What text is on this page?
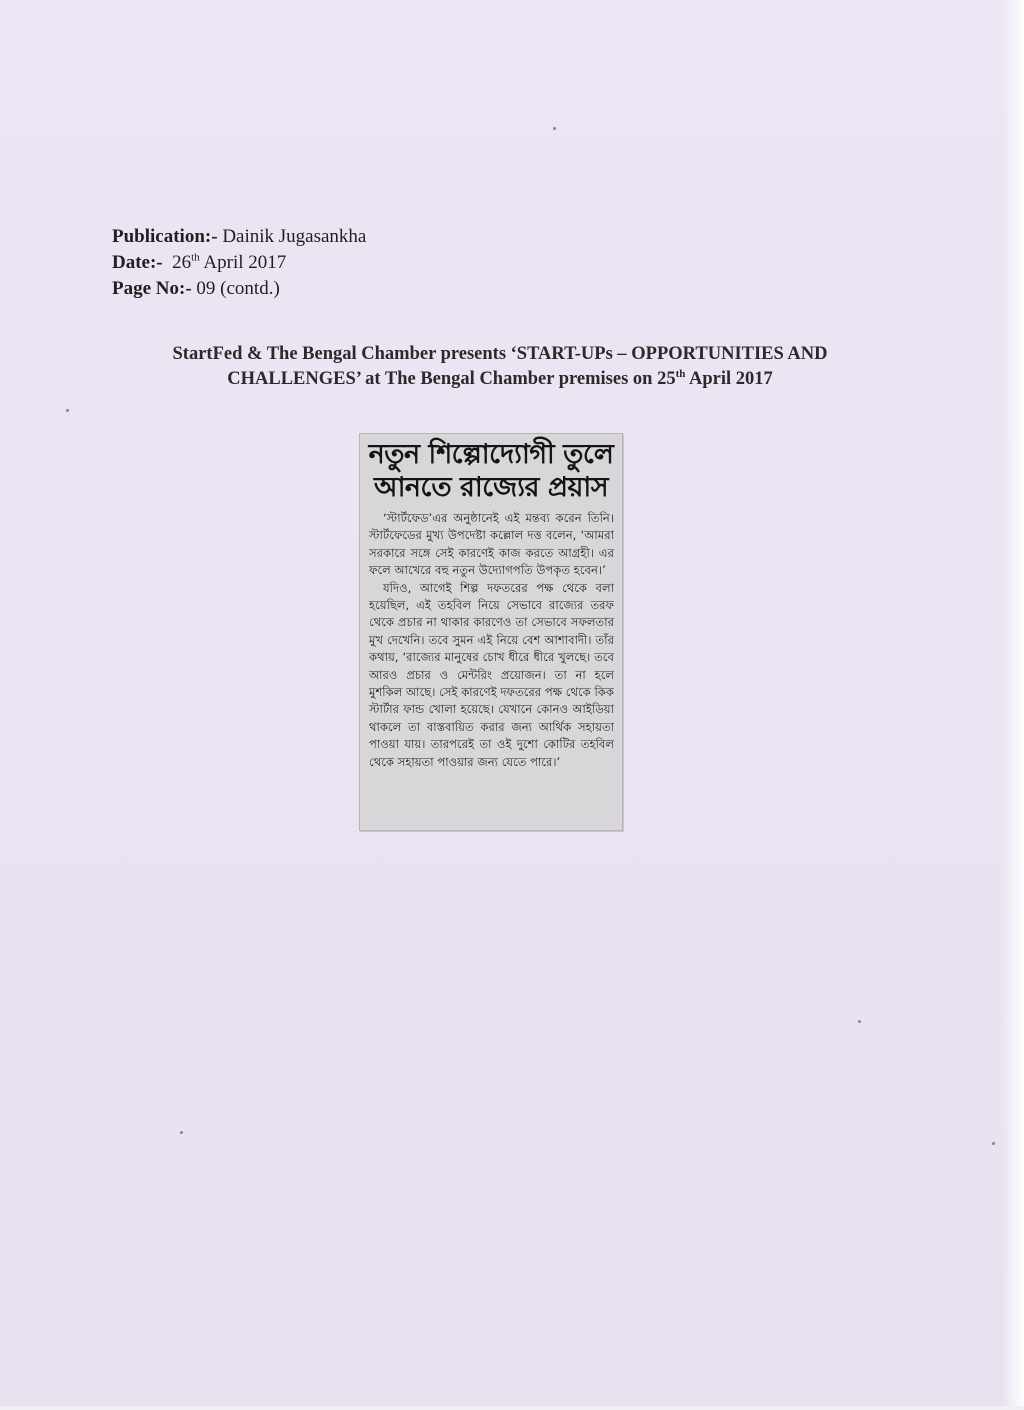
Publication:- Dainik Jugasankha
Date:- 26th April 2017
Page No:- 09 (contd.)
StartFed & The Bengal Chamber presents ‘START-UPs – OPPORTUNITIES AND
CHALLENGES’ at The Bengal Chamber premises on 25th April 2017
নতুন শিল্পোদ্যোগী তুলে
আনতে রাজ্যের প্রয়াস

‘স্টার্টফেড’এর অনুষ্ঠানেই এই মন্তব্য করেন তিনি। স্টার্টফেডের মুখ্য উপদেষ্টা কল্লোল দত্ত বলেন, ‘আমরা সরকারে সঙ্গে সেই কারণেই কাজ করতে আগ্রহী। এর ফলে আখেরে বহু নতুন উদ্যোগপতি উপকৃত হবেন।’

যদিও, আগেই শিল্প দফতরের পক্ষ থেকে বলা হয়েছিল, এই তহবিল নিয়ে সেভাবে রাজ্যের তরফ থেকে প্রচার না থাকার কারণেও তা সেভাবে সফলতার মুখ দেখেনি। তবে সুমন এই নিয়ে বেশ আশাবাদী। তাঁর কথায়, ‘রাজ্যের মানুষের চোখ ধীরে ধীরে খুলছে। তবে আরও প্রচার ও মেন্টরিং প্রয়োজন। তা না হলে মুশকিল আছে। সেই কারণেই দফতরের পক্ষ থেকে কিক স্টার্টার ফান্ড খোলা হয়েছে। যেখানে কোনও আইডিয়া থাকলে তা বাস্তবায়িত করার জন্য আর্থিক সহায়তা পাওয়া যায়। তারপরেই তা ওই দুশো কোটির তহবিল থেকে সহায়তা পাওয়ার জন্য যেতে পারে।’
